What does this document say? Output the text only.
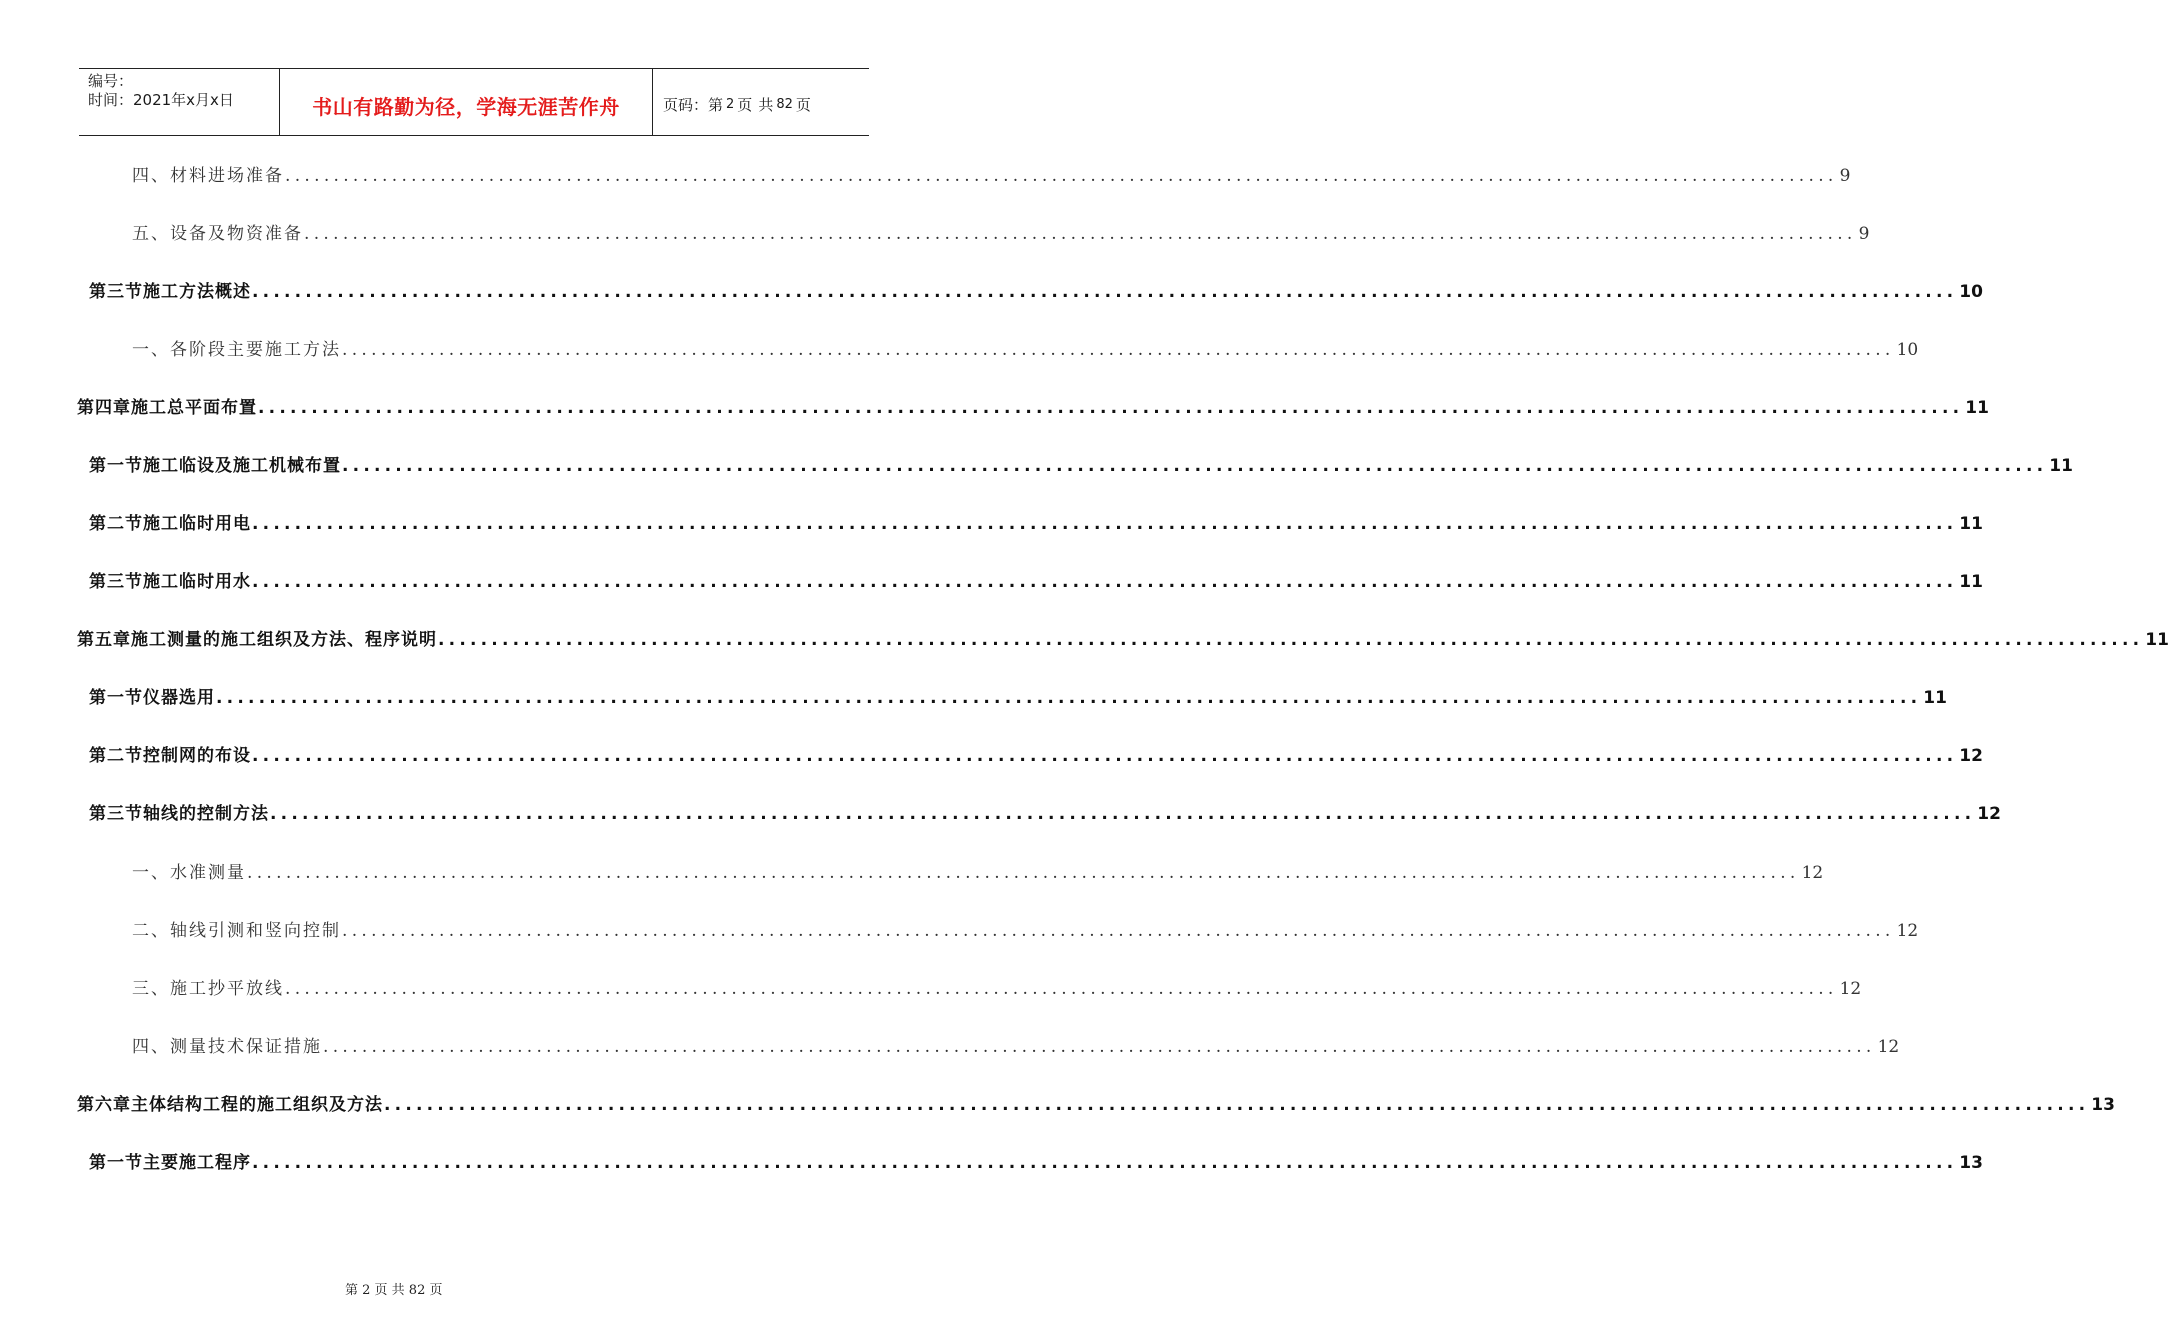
编号：
时间：2021年x月x日	书山有路勤为径，学海无涯苦作舟	页码：第 2 页 共 82 页
四、材料进场准备 ................................................................................................................................................................ 9
五、设备及物资准备 ................................................................................................................................................................ 9
第三节 施工方法概述 ................................................................................................................................................................ 10
一、各阶段主要施工方法 ................................................................................................................................................................ 10
第四章 施工总平面布置 ................................................................................................................................................................ 11
第一节 施工临设及施工机械布置 ................................................................................................................................................................ 11
第二节 施工临时用电 ................................................................................................................................................................ 11
第三节 施工临时用水 ................................................................................................................................................................ 11
第五章 施工测量的施工组织及方法、程序说明 ................................................................................................................................................................ 11
第一节 仪器选用 ................................................................................................................................................................ 11
第二节 控制网的布设 ................................................................................................................................................................ 12
第三节 轴线的控制方法 ................................................................................................................................................................ 12
一、水准测量 ................................................................................................................................................................ 12
二、轴线引测和竖向控制 ................................................................................................................................................................ 12
三、施工抄平放线 ................................................................................................................................................................ 12
四、测量技术保证措施 ................................................................................................................................................................ 12
第六章 主体结构工程的施工组织及方法 ................................................................................................................................................................ 13
第一节 主要施工程序 ................................................................................................................................................................ 13
第 2 页 共 82 页
